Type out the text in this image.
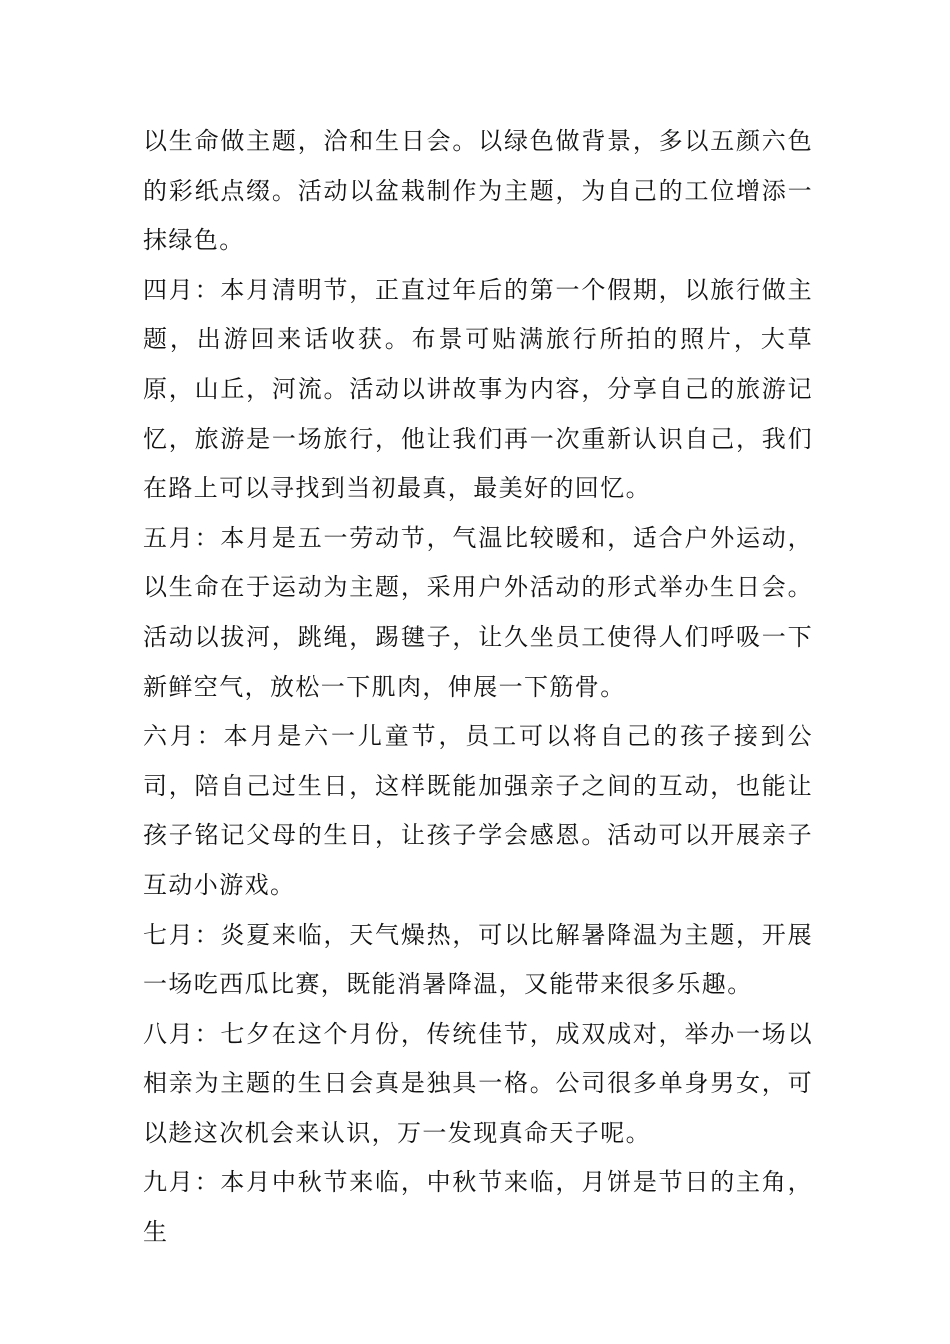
以生命做主题，洽和生日会。以绿色做背景，多以五颜六色的彩纸点缀。活动以盆栽制作为主题，为自己的工位增添一抹绿色。

四月：本月清明节，正直过年后的第一个假期，以旅行做主题，出游回来话收获。布景可贴满旅行所拍的照片，大草原，山丘，河流。活动以讲故事为内容，分享自己的旅游记忆，旅游是一场旅行，他让我们再一次重新认识自己，我们在路上可以寻找到当初最真，最美好的回忆。

五月：本月是五一劳动节，气温比较暖和，适合户外运动，以生命在于运动为主题，采用户外活动的形式举办生日会。活动以拔河，跳绳，踢毽子，让久坐员工使得人们呼吸一下新鲜空气，放松一下肌肉，伸展一下筋骨。

六月：本月是六一儿童节，员工可以将自己的孩子接到公司，陪自己过生日，这样既能加强亲子之间的互动，也能让孩子铭记父母的生日，让孩子学会感恩。活动可以开展亲子互动小游戏。

七月：炎夏来临，天气燥热，可以比解暑降温为主题，开展一场吃西瓜比赛，既能消暑降温，又能带来很多乐趣。

八月：七夕在这个月份，传统佳节，成双成对，举办一场以相亲为主题的生日会真是独具一格。公司很多单身男女，可以趁这次机会来认识，万一发现真命天子呢。

九月：本月中秋节来临，中秋节来临，月饼是节日的主角，生
